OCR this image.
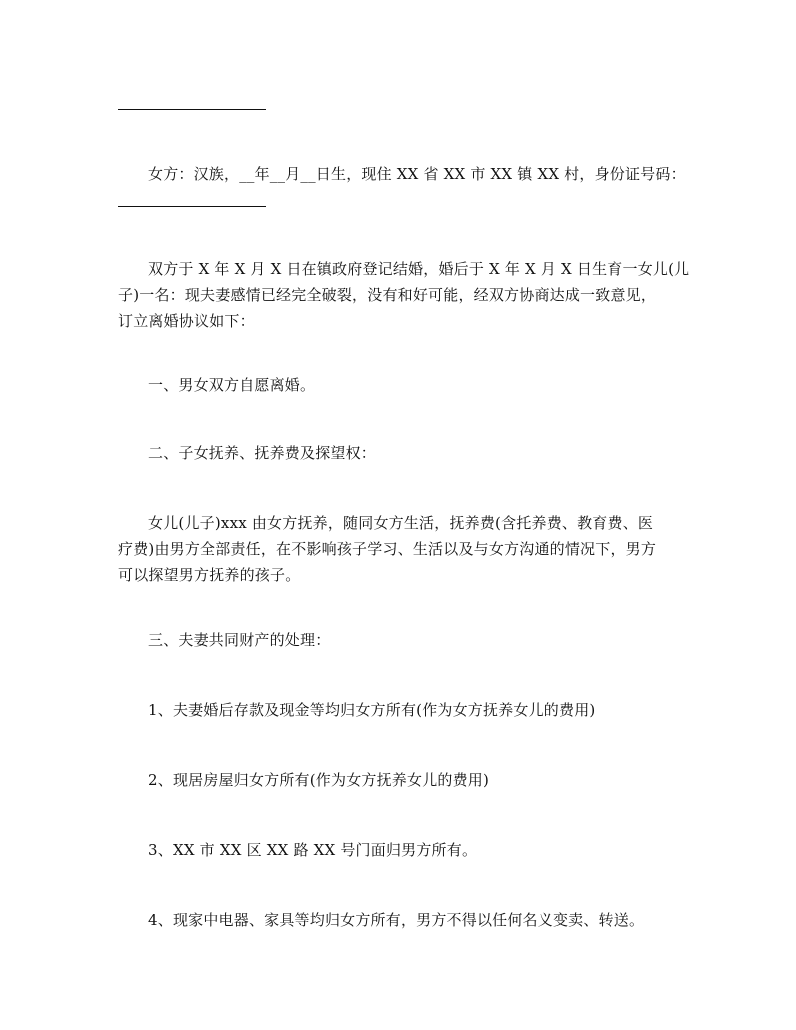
女方：汉族，__年__月__日生，现住 XX 省 XX 市 XX 镇 XX 村，身份证号码：
双方于 X 年 X 月 X 日在镇政府登记结婚，婚后于 X 年 X 月 X 日生育一女儿(儿
子)一名：现夫妻感情已经完全破裂，没有和好可能，经双方协商达成一致意见，
订立离婚协议如下：
一、男女双方自愿离婚。
二、子女抚养、抚养费及探望权：
女儿(儿子)xxx 由女方抚养，随同女方生活，抚养费(含托养费、教育费、医
疗费)由男方全部责任，在不影响孩子学习、生活以及与女方沟通的情况下，男方
可以探望男方抚养的孩子。
三、夫妻共同财产的处理：
1、夫妻婚后存款及现金等均归女方所有(作为女方抚养女儿的费用)
2、现居房屋归女方所有(作为女方抚养女儿的费用)
3、XX 市 XX 区 XX 路 XX 号门面归男方所有。
4、现家中电器、家具等均归女方所有，男方不得以任何名义变卖、转送。
